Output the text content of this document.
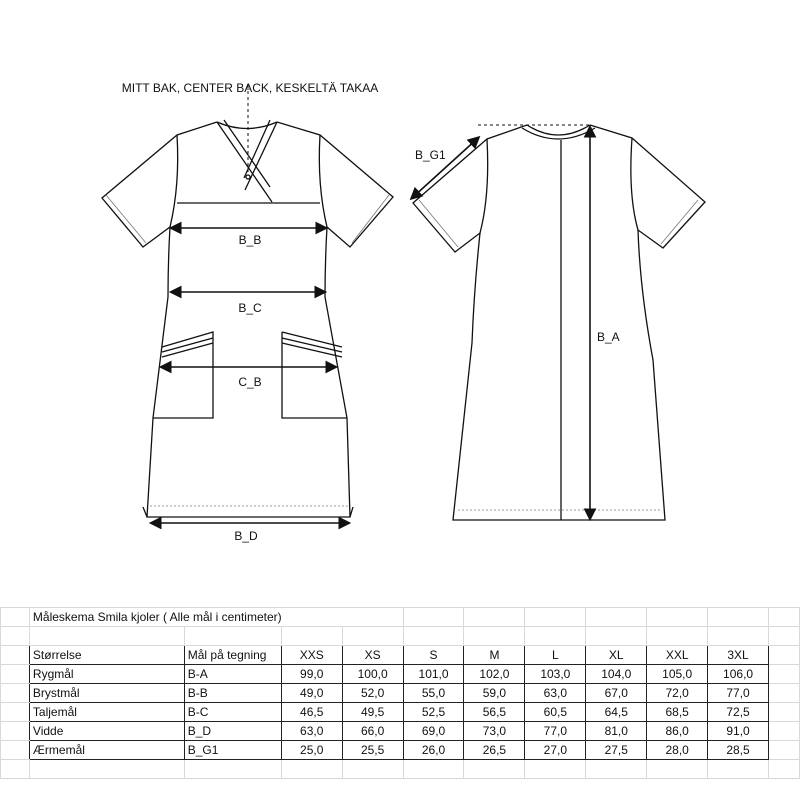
MITT BAK, CENTER BACK, KESKELTÄ TAKAA
B_B
B_C
C_B
B_D
B_G1
B_A
	Måleskema Smila kjoler ( Alle mål i centimeter)										

	Størrelse	Mål på tegning	XXS	XS	S	M	L	XL	XXL	3XL	
	Rygmål	B-A	99,0	100,0	101,0	102,0	103,0	104,0	105,0	106,0	
	Brystmål	B-B	49,0	52,0	55,0	59,0	63,0	67,0	72,0	77,0	
	Taljemål	B-C	46,5	49,5	52,5	56,5	60,5	64,5	68,5	72,5	
	Vidde	B_D	63,0	66,0	69,0	73,0	77,0	81,0	86,0	91,0	
	Ærmemål	B_G1	25,0	25,5	26,0	26,5	27,0	27,5	28,0	28,5	
